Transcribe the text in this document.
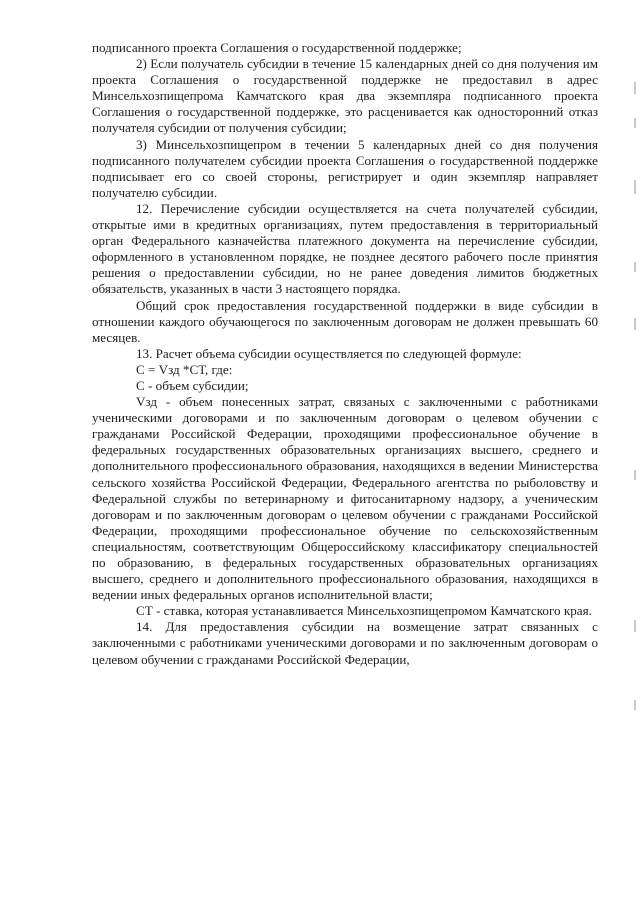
подписанного проекта Соглашения о государственной поддержке;

2) Если получатель субсидии в течение 15 календарных дней со дня получения им проекта Соглашения о государственной поддержке не предоставил в адрес Минсельхозпищепрома Камчатского края два экземпляра подписанного проекта Соглашения о государственной поддержке, это расценивается как односторонний отказ получателя субсидии от получения субсидии;

3) Минсельхозпищепром в течении 5 календарных дней со дня получения подписанного получателем субсидии проекта Соглашения о государственной поддержке подписывает его со своей стороны, регистрирует и один экземпляр направляет получателю субсидии.

12. Перечисление субсидии осуществляется на счета получателей субсидии, открытые ими в кредитных организациях, путем предоставления в территориальный орган Федерального казначейства платежного документа на перечисление субсидии, оформленного в установленном порядке, не позднее десятого рабочего после принятия решения о предоставлении субсидии, но не ранее доведения лимитов бюджетных обязательств, указанных в части 3 настоящего порядка.

Общий срок предоставления государственной поддержки в виде субсидии в отношении каждого обучающегося по заключенным договорам не должен превышать 60 месяцев.

13. Расчет объема субсидии осуществляется по следующей формуле:

С = Vзд *СТ, где:

С - объем субсидии;

Vзд - объем понесенных затрат, связаных с заключенными с работниками ученическими договорами и по заключенным договорам о целевом обучении с гражданами Российской Федерации, проходящими профессиональное обучение в федеральных государственных образовательных организациях высшего, среднего и дополнительного профессионального образования, находящихся в ведении Министерства сельского хозяйства Российской Федерации, Федерального агентства по рыболовству и Федеральной службы по ветеринарному и фитосанитарному надзору, а ученическим договорам и по заключенным договорам о целевом обучении с гражданами Российской Федерации, проходящими профессиональное обучение по сельскохозяйственным специальностям, соответствующим Общероссийскому классификатору специальностей по образованию, в федеральных государственных образовательных организациях высшего, среднего и дополнительного профессионального образования, находящихся в ведении иных федеральных органов исполнительной власти;

СТ - ставка, которая устанавливается Минсельхозпищепромом Камчатского края.

14. Для предоставления субсидии на возмещение затрат связанных с заключенными с работниками ученическими договорами и по заключенным договорам о целевом обучении с гражданами Российской Федерации,
